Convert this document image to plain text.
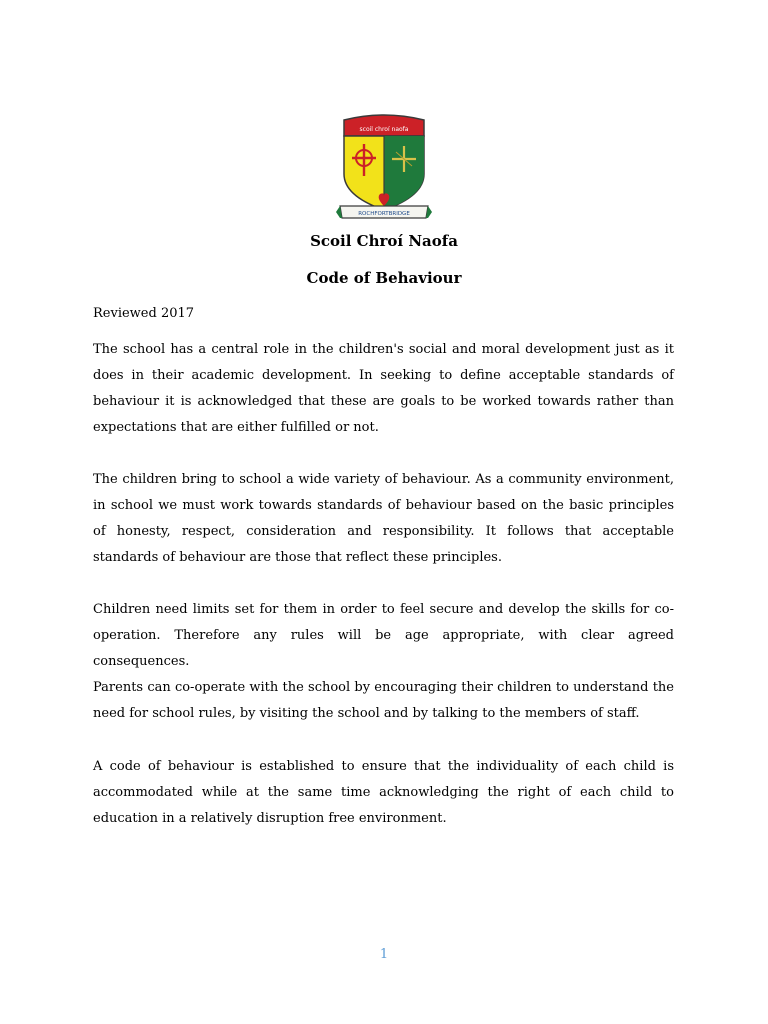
scoil chroí naofa
ROCHFORTBRIDGE
Scoil Chroí Naofa
Code of Behaviour
Reviewed 2017

The school has a central role in the children's social and moral development just as it does in their academic development. In seeking to define acceptable standards of behaviour it is acknowledged that these are goals to be worked towards rather than expectations that are either fulfilled or not.

The children bring to school a wide variety of behaviour. As a community environment, in school we must work towards standards of behaviour based on the basic principles of honesty, respect, consideration and responsibility. It follows that acceptable standards of behaviour are those that reflect these principles.

Children need limits set for them in order to feel secure and develop the skills for co-operation. Therefore any rules will be age appropriate, with clear agreed consequences.

Parents can co-operate with the school by encouraging their children to understand the need for school rules, by visiting the school and by talking to the members of staff.

A code of behaviour is established to ensure that the individuality of each child is accommodated while at the same time acknowledging the right of each child to education in a relatively disruption free environment.

1
